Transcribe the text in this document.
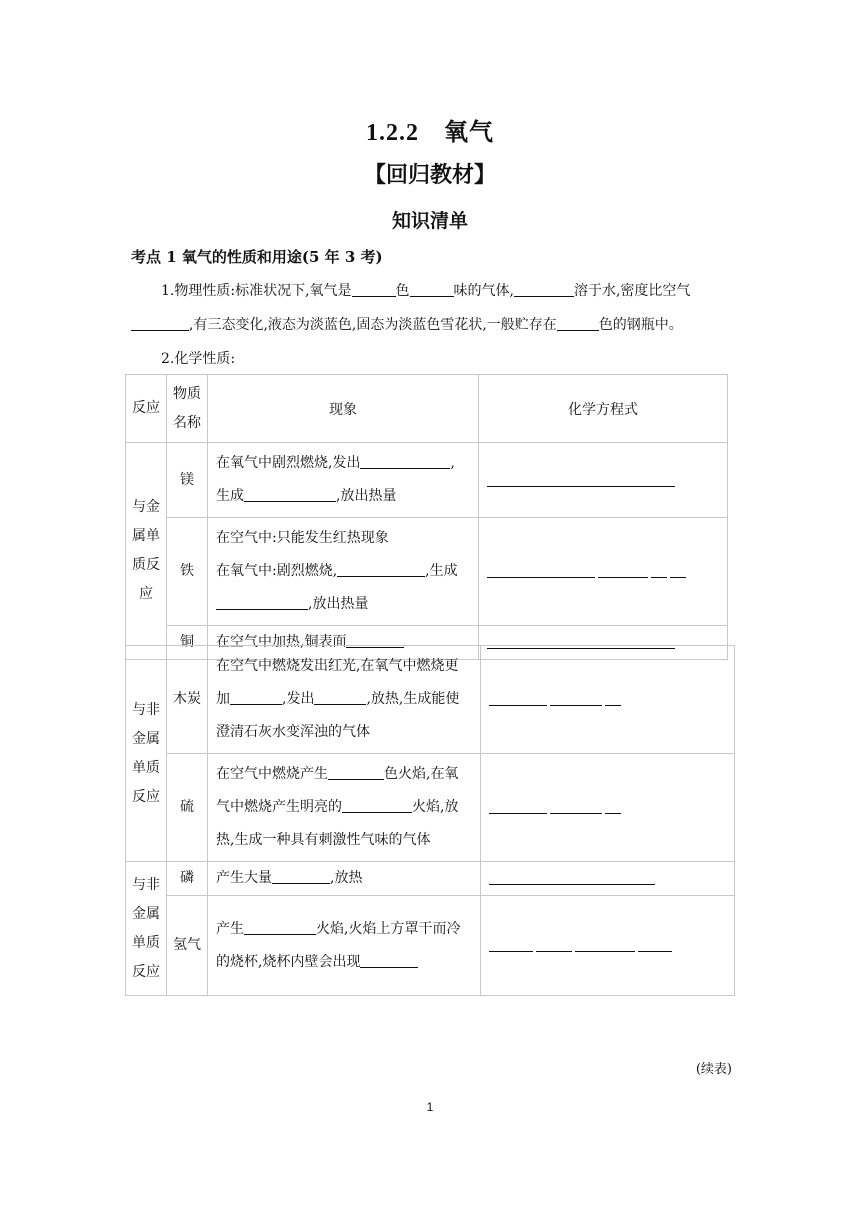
1.2.2　氧气
【回归教材】
知识清单
考点 1 氧气的性质和用途(5 年 3 考)
1.物理性质:标准状况下,氧气是	色	味的气体,	溶于水,密度比空气
,有三态变化,液态为淡蓝色,固态为淡蓝色雪花状,一般贮存在	色的钢瓶中。
2.化学性质:
反应	物质名称	现象	化学方程式
与金属单质反应	镁	在氧气中剧烈燃烧,发出 ,
生成 ,放出热量	
	铁	在空气中:只能发生红热现象
在氧气中:剧烈燃烧, ,生成
,放出热量	
	铜	在空气中加热,铜表面	
与非金属单质反应	木炭	在空气中燃烧发出红光,在氧气中燃烧更加 ,发出 ,放热,生成能使澄清石灰水变浑浊的气体	
	硫	在空气中燃烧产生 色火焰,在氧气中燃烧产生明亮的 火焰,放热,生成一种具有刺激性气味的气体	
与非金属单质反应	磷	产生大量 ,放热	
	氢气	产生 火焰,火焰上方罩干而冷的烧杯,烧杯内壁会出现	
(续表)
1
